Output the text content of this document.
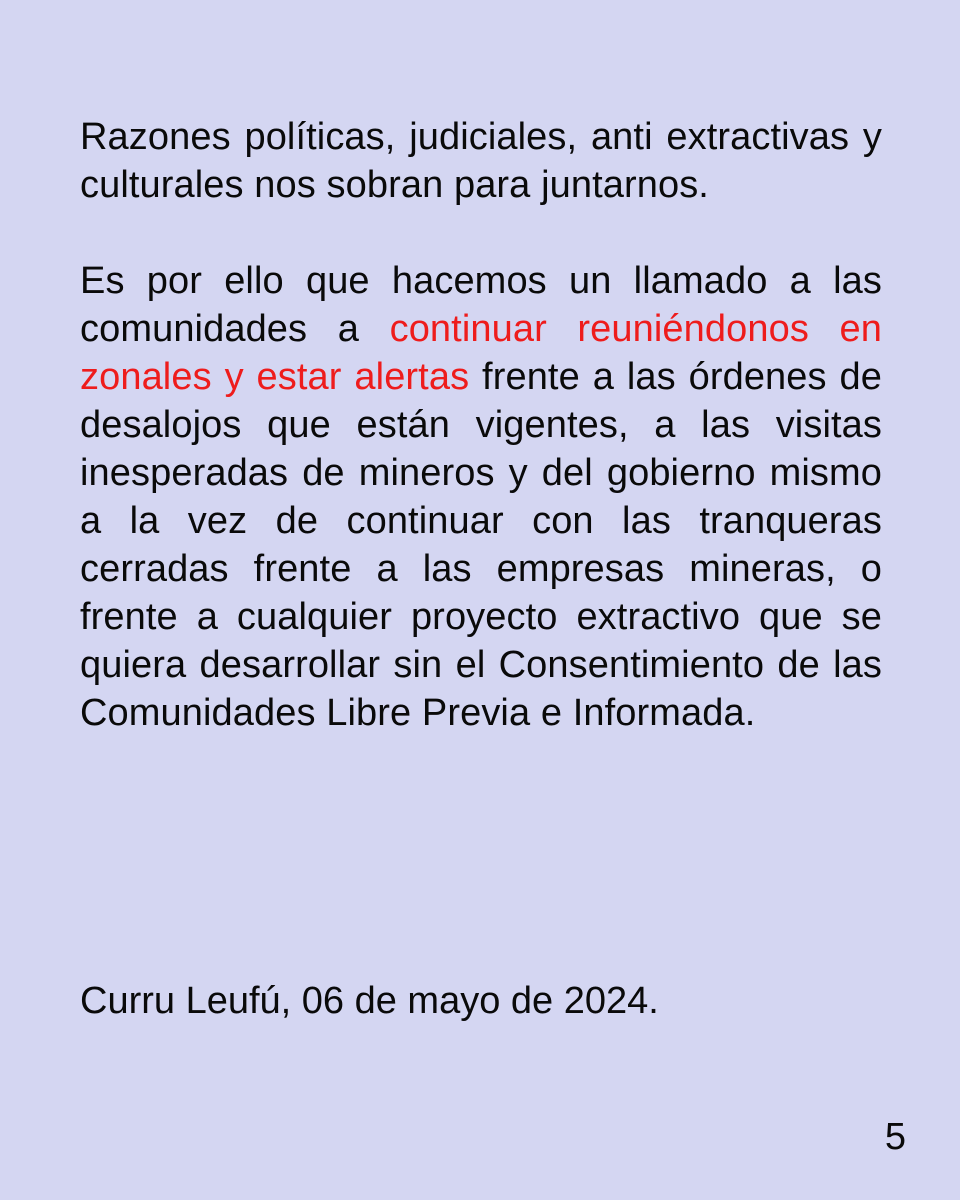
Razones políticas, judiciales, anti extractivas y culturales nos sobran para juntarnos.

Es por ello que hacemos un llamado a las comunidades a continuar reuniéndonos en zonales y estar alertas frente a las órdenes de desalojos que están vigentes, a las visitas inesperadas de mineros y del gobierno mismo a la vez de continuar con las tranqueras cerradas frente a las empresas mineras, o frente a cualquier proyecto extractivo que se quiera desarrollar sin el Consentimiento de las Comunidades Libre Previa e Informada.

Curru Leufú, 06 de mayo de 2024.

5
